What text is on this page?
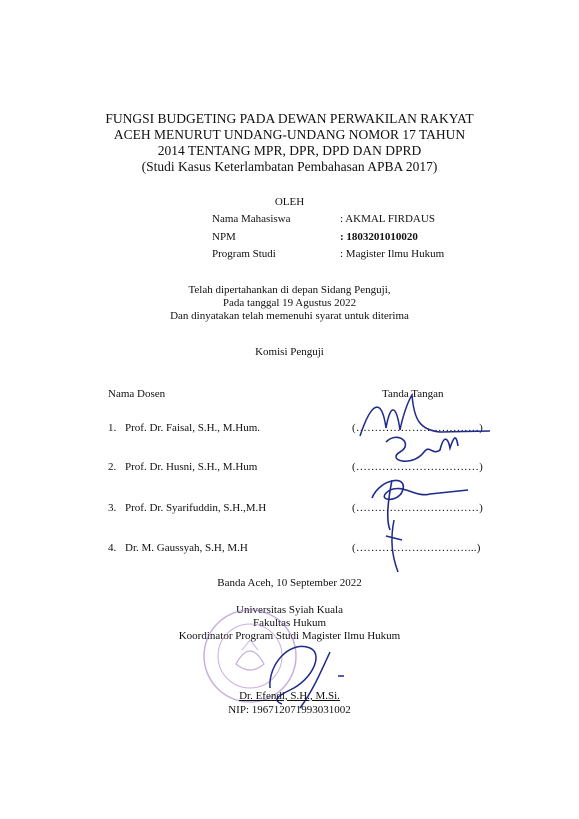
FUNGSI BUDGETING PADA DEWAN PERWAKILAN RAKYAT
ACEH MENURUT UNDANG-UNDANG NOMOR 17 TAHUN
2014 TENTANG MPR, DPR, DPD DAN DPRD
(Studi Kasus Keterlambatan Pembahasan APBA 2017)
OLEH
Nama Mahasiswa	: AKMAL FIRDAUS
NPM	: 1803201010020
Program Studi	: Magister Ilmu Hukum
Telah dipertahankan di depan Sidang Penguji,
Pada tanggal 19 Agustus 2022
Dan dinyatakan telah memenuhi syarat untuk diterima
Komisi Penguji
Nama Dosen	Tanda Tangan
1. Prof. Dr. Faisal, S.H., M.Hum.	(……………………………)
2. Prof. Dr. Husni, S.H., M.Hum	(……………………………)
3. Prof. Dr. Syarifuddin, S.H.,M.H	(……………………………)
4. Dr. M. Gaussyah, S.H, M.H	(…………………………...)
Banda Aceh, 10 September 2022
Universitas Syiah Kuala
Fakultas Hukum
Koordinator Program Studi Magister Ilmu Hukum
Dr. Efendi, S.H., M.Si.
NIP: 196712071993031002
